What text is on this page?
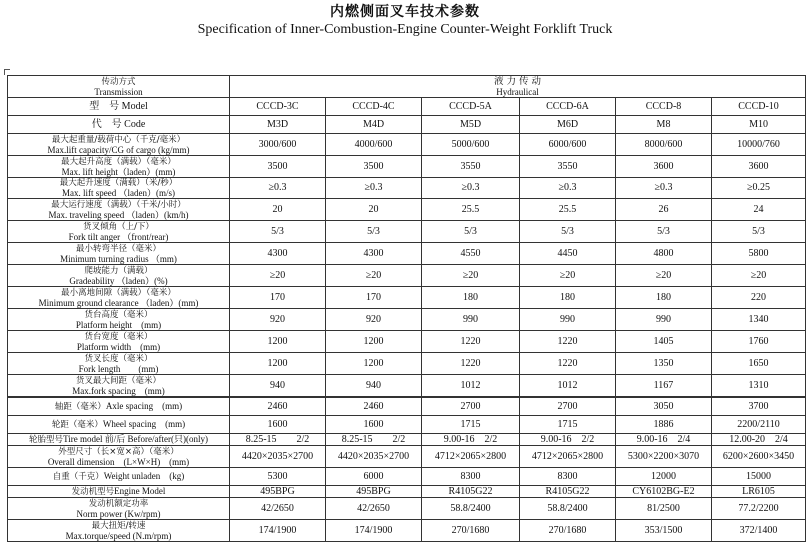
内燃侧面叉车技术参数
Specification of Inner-Combustion-Engine Counter-Weight Forklift Truck
传动方式
Transmission	液 力 传 动
Hydraulical					

型　号 Model	CCCD-3C	CCCD-4C	CCCD-5A	CCCD-6A	CCCD-8	CCCD-10
代　号 Code	M3D	M4D	M5D	M6D	M8	M10

最大起重量/载荷中心（千克/毫米）
Max.lift capacity/CG of cargo (kg/mm)	3000/600	4000/600	5000/600	6000/600	8000/600	10000/760

最大起升高度（满载）（毫米）
Max. lift height（laden）(mm)	3500	3500	3550	3550	3600	3600

最大起升速度（满载）（米/秒）
Max. lift speed （laden）(m/s)	≥0.3	≥0.3	≥0.3	≥0.3	≥0.3	≥0.25

最大运行速度（满载）（千米/小时）
Max. traveling speed （laden）(km/h)	20	20	25.5	25.5	26	24

货叉倾角（上/下）
Fork tilt anger （front/rear)	5/3	5/3	5/3	5/3	5/3	5/3

最小转弯半径（毫米）
Minimum turning radius （mm)	4300	4300	4550	4450	4800	5800

爬坡能力（满载）
Gradeability （laden）(%)	≥20	≥20	≥20	≥20	≥20	≥20

最小离地间隙（满载）（毫米）
Minimum ground clearance （laden）(mm)	170	170	180	180	180	220

货台高度（毫米）
Platform height　(mm)	920	920	990	990	990	1340

货台宽度（毫米）
Platform width　(mm)	1200	1200	1220	1220	1405	1760

货叉长度（毫米）
Fork length　　(mm)	1200	1200	1220	1220	1350	1650

货叉最大间距（毫米）
Max.fork spacing　(mm)	940	940	1012	1012	1167	1310
轴距（毫米）Axle spacing　(mm)	2460	2460	2700	2700	3050	3700
轮距（毫米）Wheel spacing　(mm)	1600	1600	1715	1715	1886	2200/2110
轮胎型号Tire model 前/后 Before/after(只)(only)	8.25-15　　2/2	8.25-15　　2/2	9.00-16　2/2	9.00-16　2/2	9.00-16　2/4	12.00-20　2/4

外型尺寸（长×宽×高）（毫米）
Overall dimension　(L×W×H)　(mm)	4420×2035×2700	4420×2035×2700	4712×2065×2800	4712×2065×2800	5300×2200×3070	6200×2600×3450
自重（千克）Weight unladen　(kg)	5300	6000	8300	8300	12000	15000
发动机型号Engine Model	495BPG	495BPG	R4105G22	R4105G22	CY6102BG-E2	LR6105

发动机额定功率
Norm power (Kw/rpm)	42/2650	42/2650	58.8/2400	58.8/2400	81/2500	77.2/2200

最大扭矩/转速
Max.torque/speed (N.m/rpm)	174/1900	174/1900	270/1680	270/1680	353/1500	372/1400
